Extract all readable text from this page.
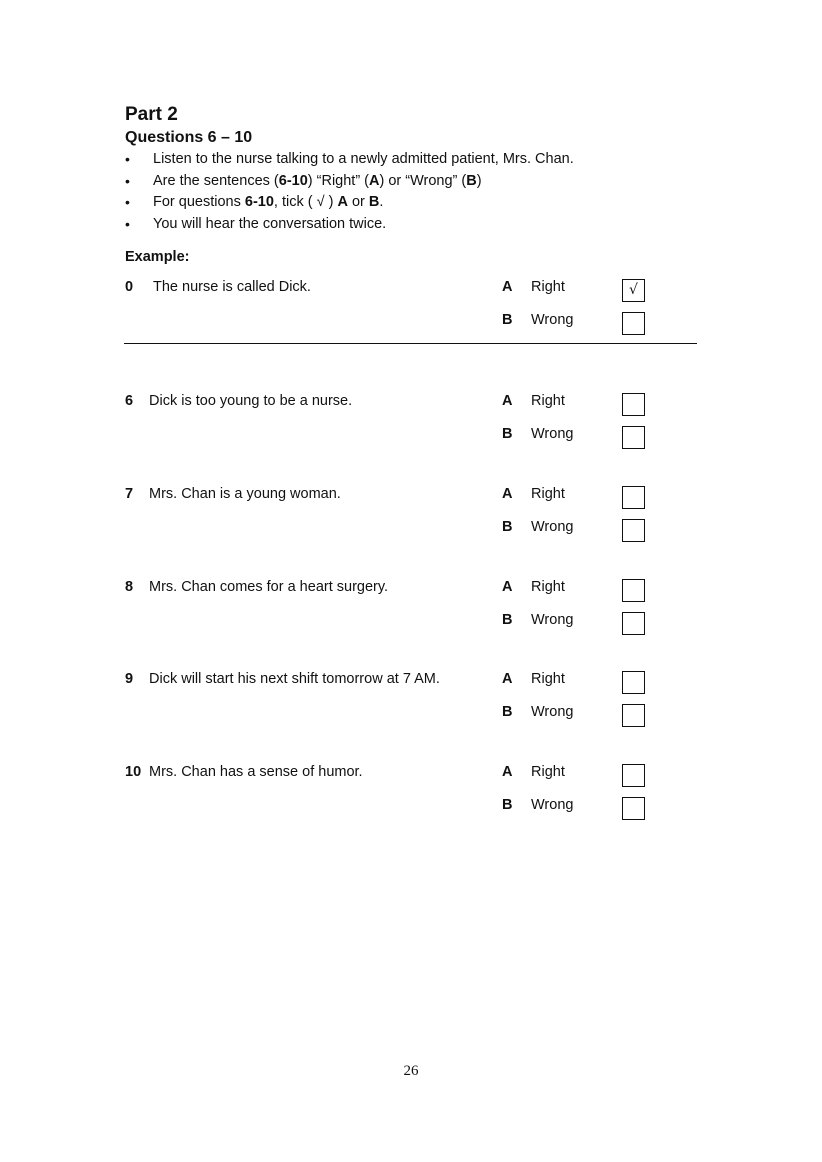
Part 2
Questions 6 – 10
• Listen to the nurse talking to a newly admitted patient, Mrs. Chan.
• Are the sentences (6-10) “Right” (A) or “Wrong” (B)
• For questions 6-10, tick ( √ ) A or B.
• You will hear the conversation twice.
Example:
0 The nurse is called Dick.	A Right	√
B Wrong
6 Dick is too young to be a nurse.	A Right
B Wrong
7 Mrs. Chan is a young woman.	A Right
B Wrong
8 Mrs. Chan comes for a heart surgery.	A Right
B Wrong
9 Dick will start his next shift tomorrow at 7 AM.	A Right
B Wrong
10 Mrs. Chan has a sense of humor.	A Right
B Wrong
26
